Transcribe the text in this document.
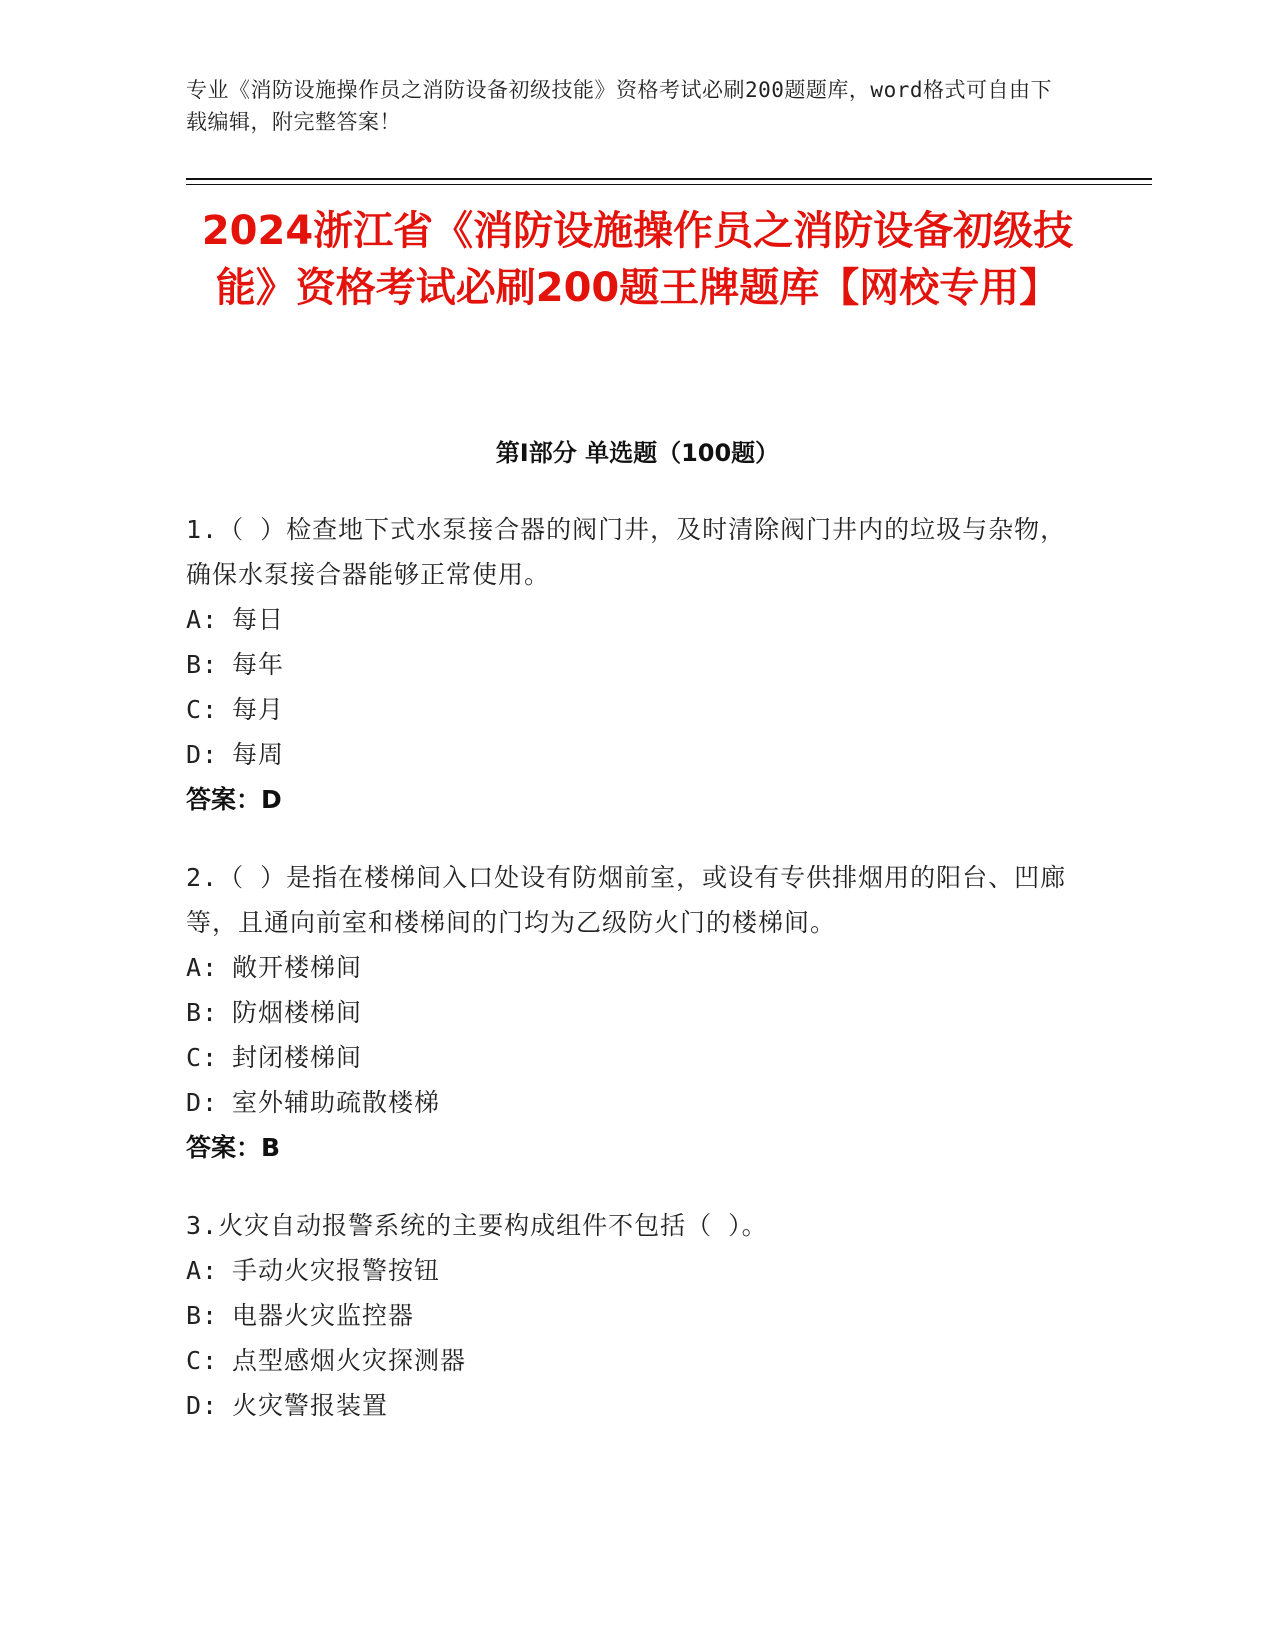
专业《消防设施操作员之消防设备初级技能》资格考试必刷200题题库，word格式可自由下载编辑，附完整答案！
2024浙江省《消防设施操作员之消防设备初级技能》资格考试必刷200题王牌题库【网校专用】
第I部分 单选题（100题）
1.（ ）检查地下式水泵接合器的阀门井，及时清除阀门井内的垃圾与杂物，确保水泵接合器能够正常使用。
A: 每日
B: 每年
C: 每月
D: 每周
答案：D
2.（ ）是指在楼梯间入口处设有防烟前室，或设有专供排烟用的阳台、凹廊等，且通向前室和楼梯间的门均为乙级防火门的楼梯间。
A: 敞开楼梯间
B: 防烟楼梯间
C: 封闭楼梯间
D: 室外辅助疏散楼梯
答案：B
3.火灾自动报警系统的主要构成组件不包括（ ）。
A: 手动火灾报警按钮
B: 电器火灾监控器
C: 点型感烟火灾探测器
D: 火灾警报装置
